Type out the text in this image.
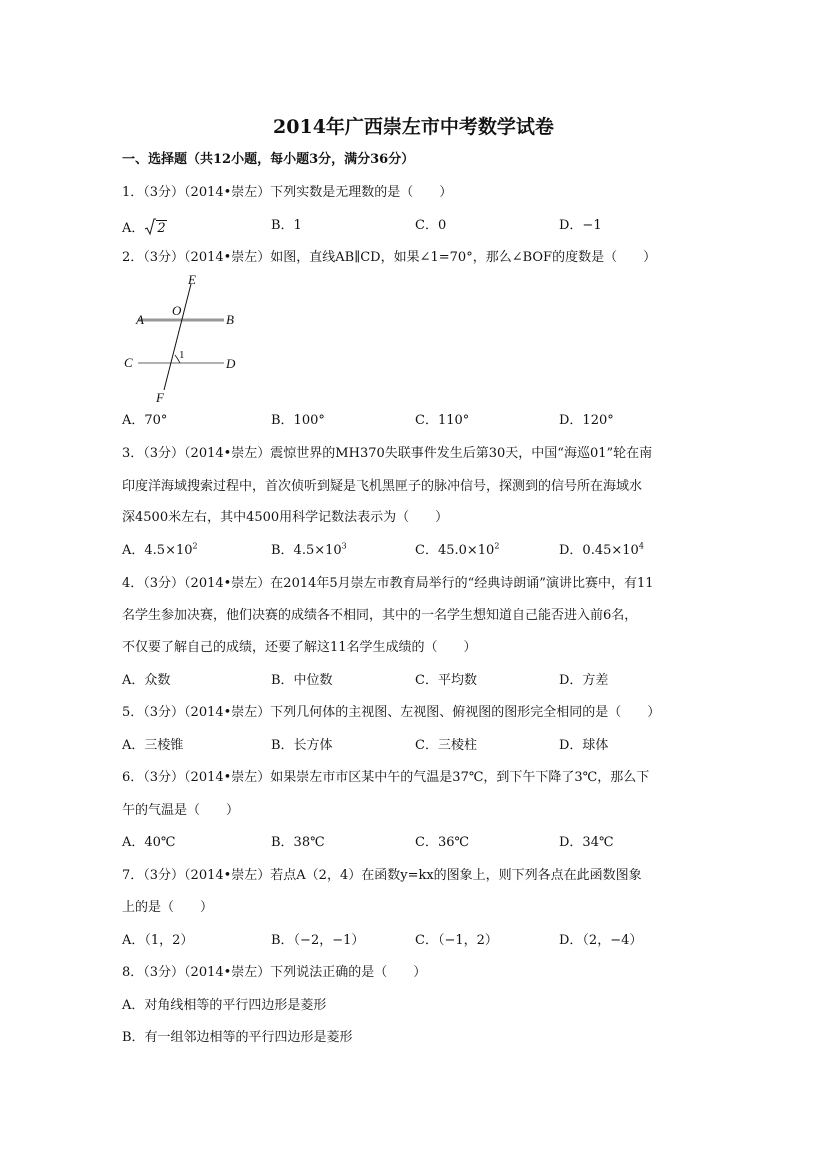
2014年广西崇左市中考数学试卷
一、选择题（共12小题，每小题3分，满分36分）
1．（3分）（2014•崇左）下列实数是无理数的是（　　）
A． 2	B．1	C．0	D．−1
2．（3分）（2014•崇左）如图，直线AB∥CD，如果∠1=70°，那么∠BOF的度数是（　　）
E
O
A	B
C	D
F
1
A．70°	B．100°	C．110°	D．120°
3．（3分）（2014•崇左）震惊世界的MH370失联事件发生后第30天，中国“海巡01”轮在南
印度洋海域搜索过程中，首次侦听到疑是飞机黑匣子的脉冲信号，探测到的信号所在海域水
深4500米左右，其中4500用科学记数法表示为（　　）
A．$4.5\times 10^2$	B．$4.5\times 10^3$	C．$45.0\times 10^2$	D．$0.45\times 10^4$
4．（3分）（2014•崇左）在2014年5月崇左市教育局举行的“经典诗朗诵”演讲比赛中，有11
名学生参加决赛，他们决赛的成绩各不相同，其中的一名学生想知道自己能否进入前6名，
不仅要了解自己的成绩，还要了解这11名学生成绩的（　　）
A．众数	B．中位数	C．平均数	D．方差
5．（3分）（2014•崇左）下列几何体的主视图、左视图、俯视图的图形完全相同的是（　　）
A．三棱锥	B．长方体	C．三棱柱	D．球体
6．（3分）（2014•崇左）如果崇左市市区某中午的气温是37℃，到下午下降了3℃，那么下
午的气温是（　　）
A．40℃	B．38℃	C．36℃	D．34℃
7．（3分）（2014•崇左）若点A（2，4）在函数y=kx的图象上，则下列各点在此函数图象
上的是（　　）
A．（1，2）	B．（−2，−1）	C．（−1，2）	D．（2，−4）
8．（3分）（2014•崇左）下列说法正确的是（　　）
A．对角线相等的平行四边形是菱形
B．有一组邻边相等的平行四边形是菱形
